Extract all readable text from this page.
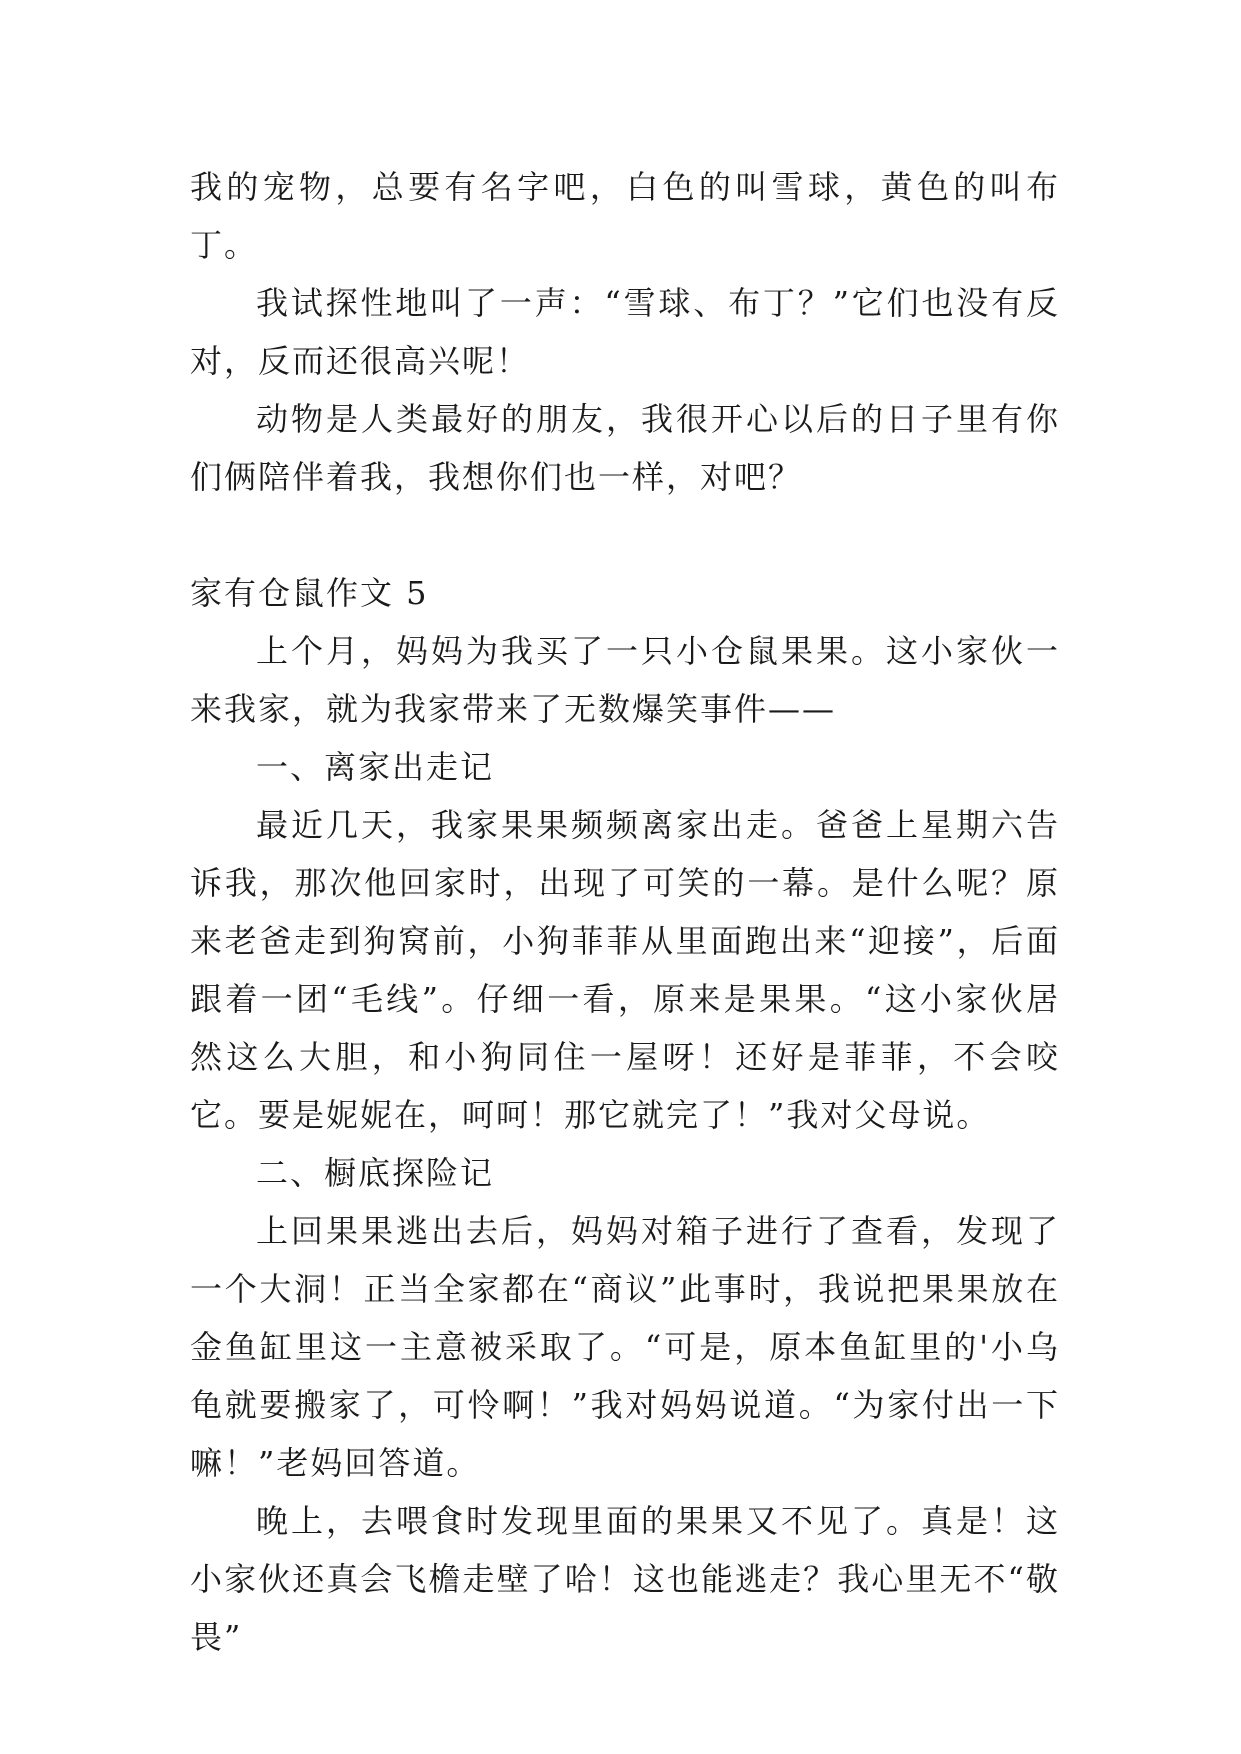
我的宠物，总要有名字吧，白色的叫雪球，黄色的叫布丁。

我试探性地叫了一声：“雪球、布丁？”它们也没有反对，反而还很高兴呢！

动物是人类最好的朋友，我很开心以后的日子里有你们俩陪伴着我，我想你们也一样，对吧？

家有仓鼠作文 5

上个月，妈妈为我买了一只小仓鼠果果。这小家伙一来我家，就为我家带来了无数爆笑事件——

一、离家出走记

最近几天，我家果果频频离家出走。爸爸上星期六告诉我，那次他回家时，出现了可笑的一幕。是什么呢？原来老爸走到狗窝前，小狗菲菲从里面跑出来“迎接”，后面跟着一团“毛线”。仔细一看，原来是果果。“这小家伙居然这么大胆，和小狗同住一屋呀！还好是菲菲，不会咬它。要是妮妮在，呵呵！那它就完了！”我对父母说。

二、橱底探险记

上回果果逃出去后，妈妈对箱子进行了查看，发现了一个大洞！正当全家都在“商议”此事时，我说把果果放在金鱼缸里这一主意被采取了。“可是，原本鱼缸里的'小乌龟就要搬家了，可怜啊！”我对妈妈说道。“为家付出一下嘛！”老妈回答道。

晚上，去喂食时发现里面的果果又不见了。真是！这小家伙还真会飞檐走壁了哈！这也能逃走？我心里无不“敬畏”
